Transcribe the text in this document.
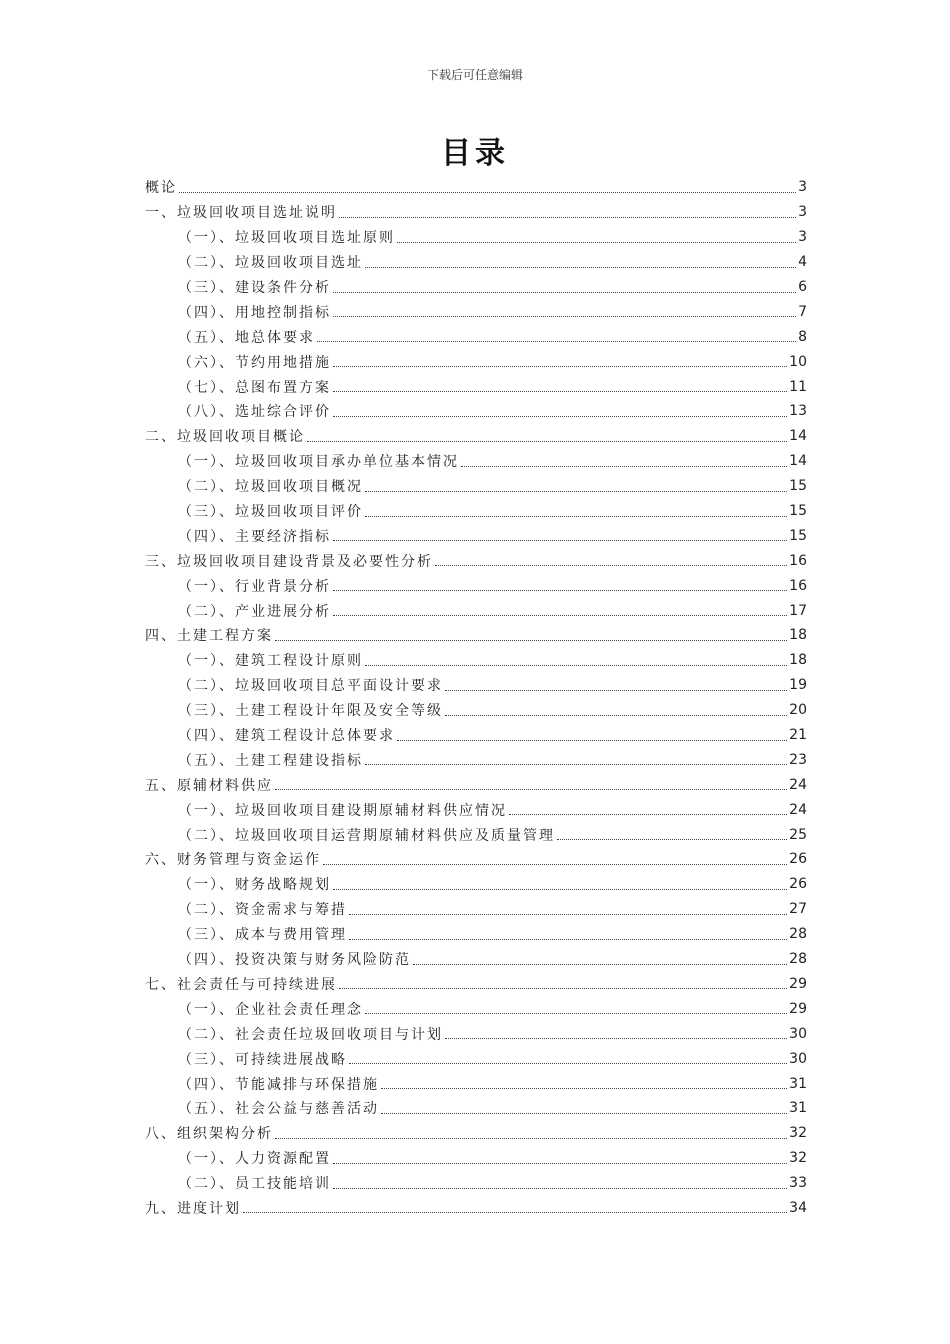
下载后可任意编辑
目录
概论	3
一、垃圾回收项目选址说明	3
（一）、垃圾回收项目选址原则	3
（二）、垃圾回收项目选址	4
（三）、建设条件分析	6
（四）、用地控制指标	7
（五）、地总体要求	8
（六）、节约用地措施	10
（七）、总图布置方案	11
（八）、选址综合评价	13
二、垃圾回收项目概论	14
（一）、垃圾回收项目承办单位基本情况	14
（二）、垃圾回收项目概况	15
（三）、垃圾回收项目评价	15
（四）、主要经济指标	15
三、垃圾回收项目建设背景及必要性分析	16
（一）、行业背景分析	16
（二）、产业进展分析	17
四、土建工程方案	18
（一）、建筑工程设计原则	18
（二）、垃圾回收项目总平面设计要求	19
（三）、土建工程设计年限及安全等级	20
（四）、建筑工程设计总体要求	21
（五）、土建工程建设指标	23
五、原辅材料供应	24
（一）、垃圾回收项目建设期原辅材料供应情况	24
（二）、垃圾回收项目运营期原辅材料供应及质量管理	25
六、财务管理与资金运作	26
（一）、财务战略规划	26
（二）、资金需求与筹措	27
（三）、成本与费用管理	28
（四）、投资决策与财务风险防范	28
七、社会责任与可持续进展	29
（一）、企业社会责任理念	29
（二）、社会责任垃圾回收项目与计划	30
（三）、可持续进展战略	30
（四）、节能减排与环保措施	31
（五）、社会公益与慈善活动	31
八、组织架构分析	32
（一）、人力资源配置	32
（二）、员工技能培训	33
九、进度计划	34
